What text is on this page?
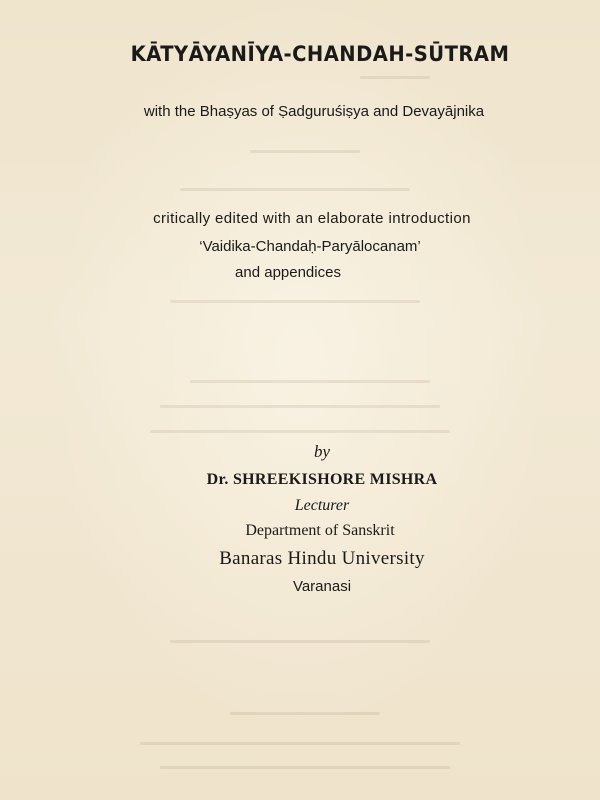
KĀTYĀYANĪYA-CHANDAH-SŪTRAM
with the Bhaṣyas of Ṣadguruśiṣya and Devayājnika
critically edited with an elaborate introduction
‘Vaidika-Chandaḥ-Paryālocanam’
and appendices
by
Dr. SHREEKISHORE MISHRA
Lecturer
Department of Sanskrit
Banaras Hindu University
Varanasi
